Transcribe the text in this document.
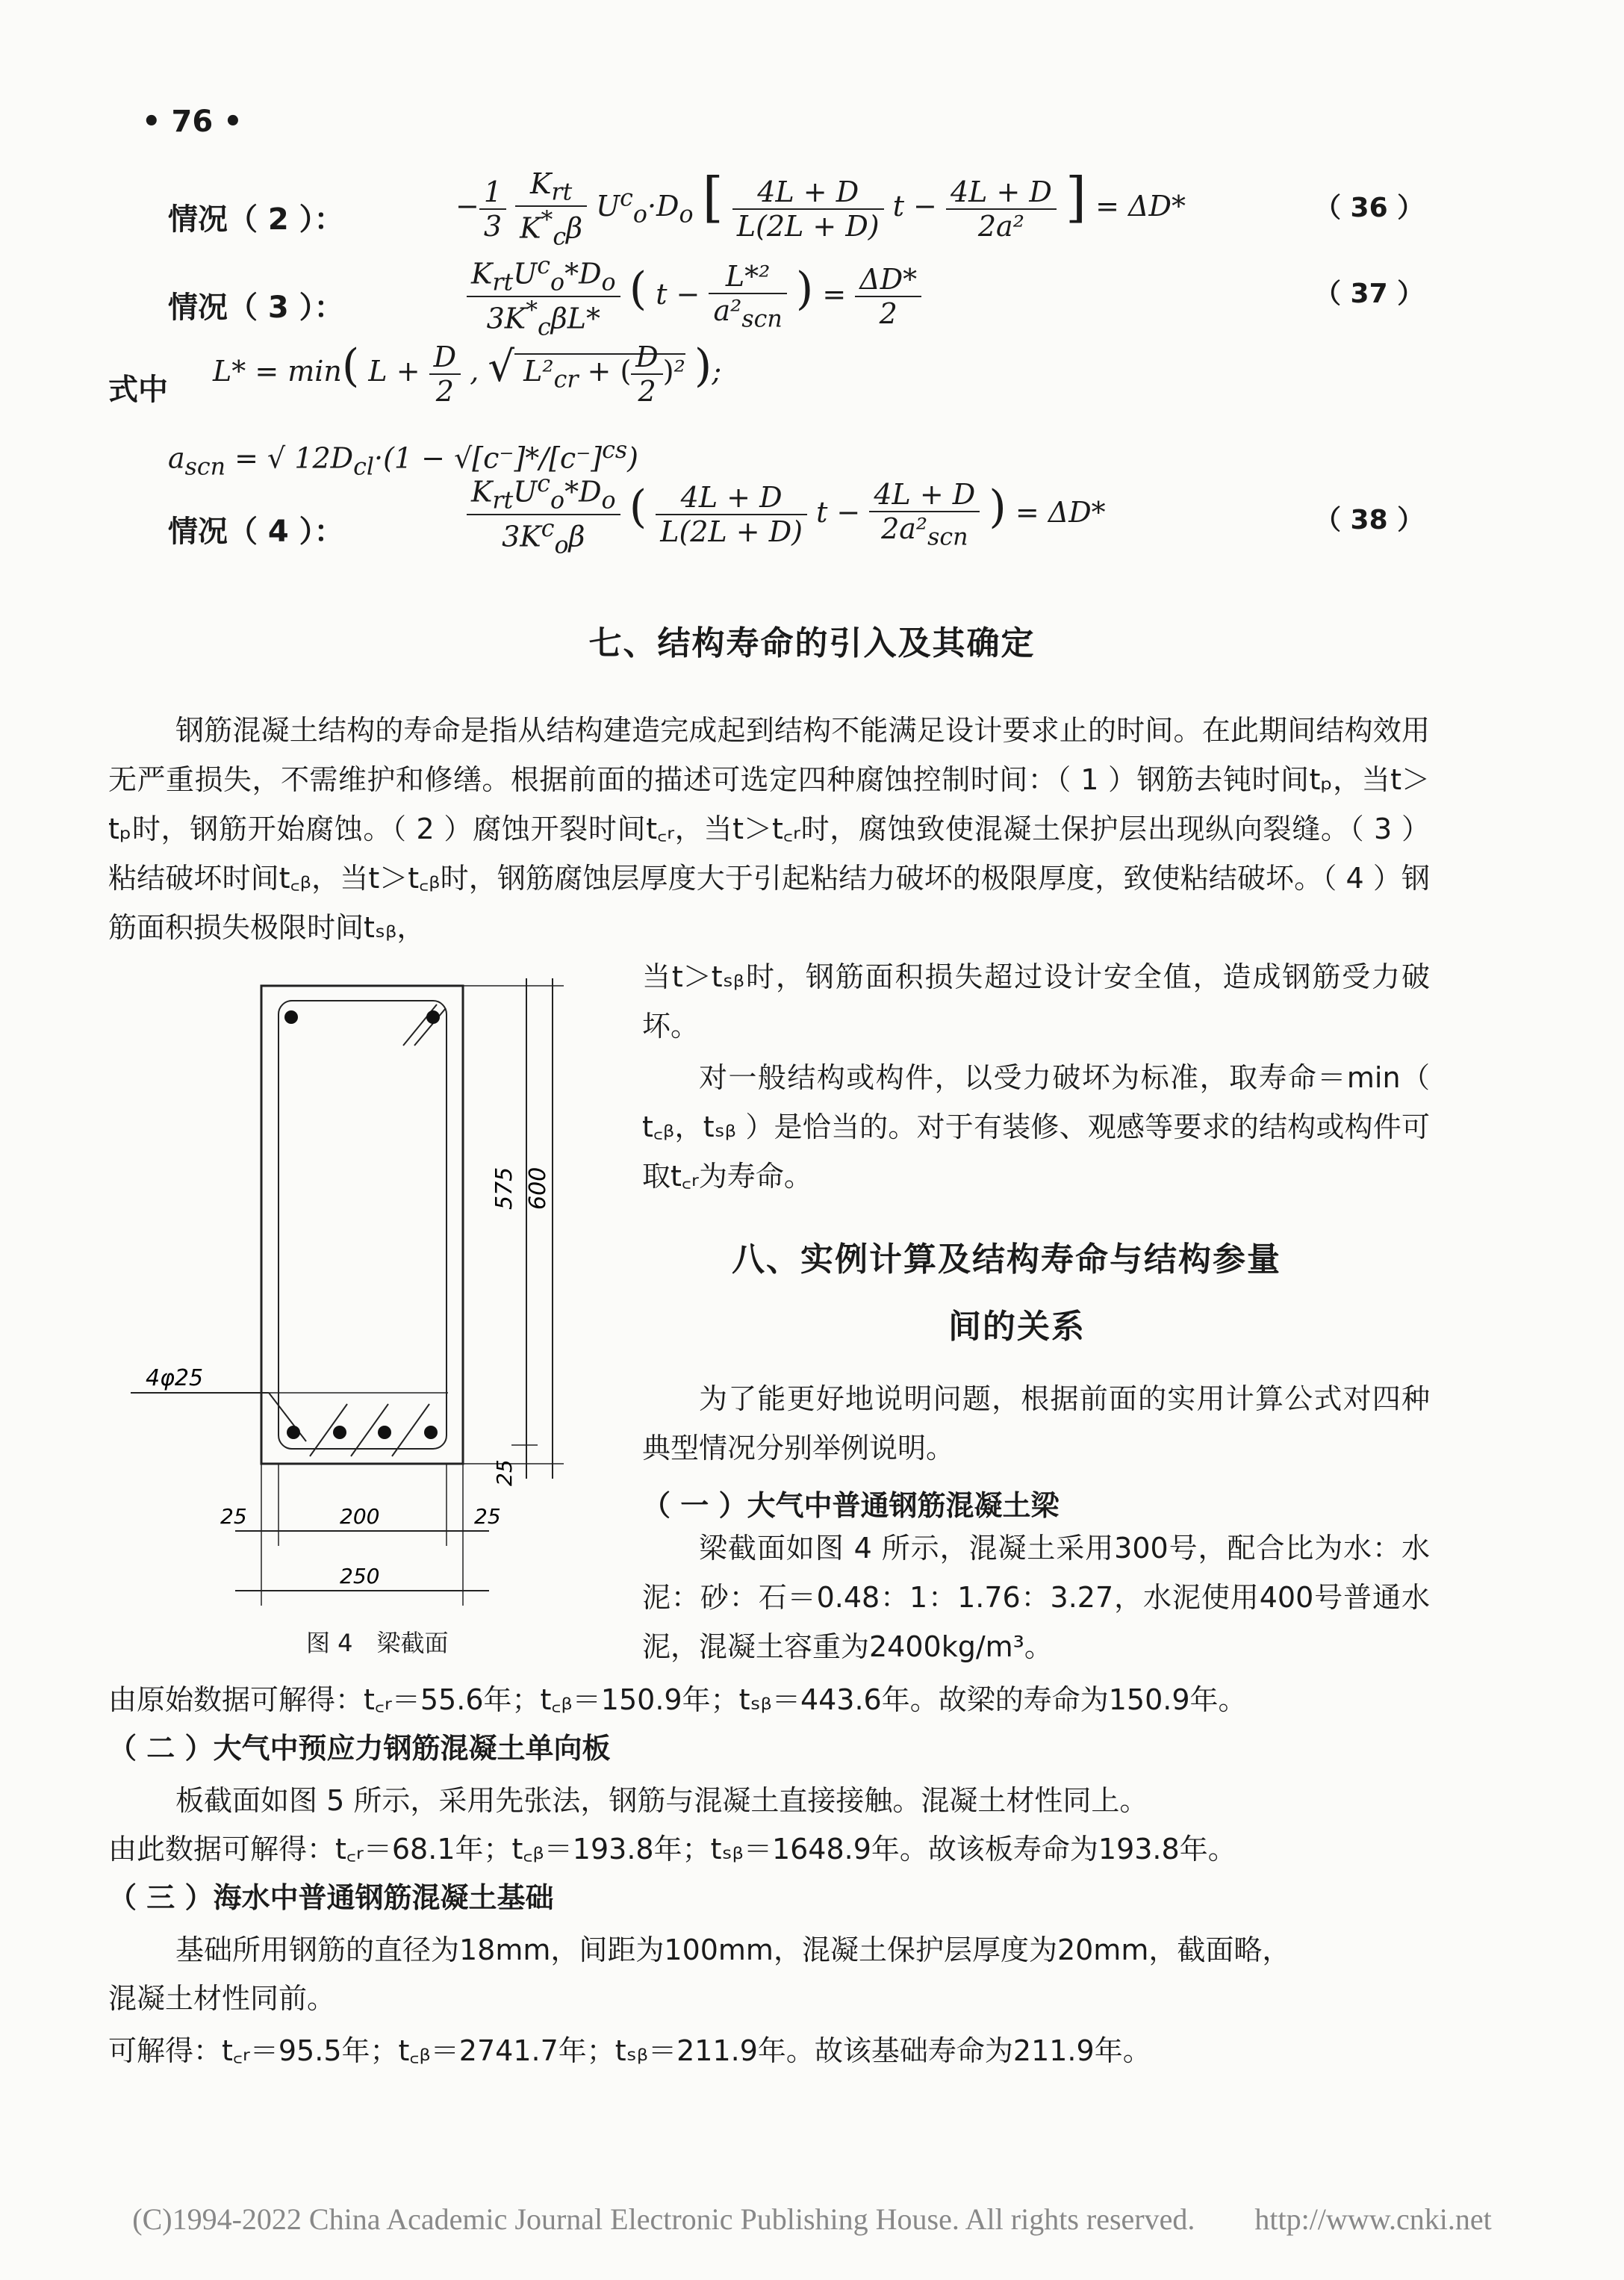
• 76 •
情况（ 2 ）：	− $\frac{1}{3}$
$\frac{K_{rt}}{K^*_c\beta} U^c_o\cdot D_o$ [ $\frac{4L + D}{L(2L + D)}$ $t - \frac{4L + D}{\text{2a²}}$ ] = ΔD*	（ 36 ）
情况（ 3 ）：	$\frac{K_{rt}U^c_o*D_o}{3K^*_c\beta L*}$ ( $t - \frac{\text{L*²}}{a^2_{scn}}$ ) = $\frac{\Delta D*}{2}$	（ 37 ）
式中
L* = min( $L + \frac{D}{2}$ , √ $L^2_{cr}$ + ( $\frac{D}{2} )^2$ );
$a_{scn}$ = √ $12D_{cl}\cdot(1 - √[c^-]*/[c^-]^{cs})$
情况（ 4 ）：	$\frac{K_{rt}U^c_o*D_o}{3K^c_o\beta}$ ( $\frac{4L + D}{L(2L + D)}$ $t - \frac{4L + D}{2a^2_{scn}}$ ) = ΔD*	（ 38 ）
七、结构寿命的引入及其确定
钢筋混凝土结构的寿命是指从结构建造完成起到结构不能满足设计要求止的时间。在此期间结构效用无严重损失，不需维护和修缮。根据前面的描述可选定四种腐蚀控制时间：（ 1 ）钢筋去钝时间tₚ，当t＞tₚ时，钢筋开始腐蚀。（ 2 ）腐蚀开裂时间t꜀ᵣ，当t＞t꜀ᵣ时，腐蚀致使混凝土保护层出现纵向裂缝。（ 3 ）粘结破坏时间t꜀ᵦ，当t＞t꜀ᵦ时，钢筋腐蚀层厚度大于引起粘结力破坏的极限厚度，致使粘结破坏。（ 4 ）钢筋面积损失极限时间tₛᵦ，
当t＞tₛᵦ时，钢筋面积损失超过设计安全值，造成钢筋受力破坏。
对一般结构或构件，以受力破坏为标准，取寿命＝min（ t꜀ᵦ，tₛᵦ ）是恰当的。对于有装修、观感等要求的结构或构件可取t꜀ᵣ为寿命。
575 600
25
25	200	25
250
4φ25
图 4　梁截面
八、实例计算及结构寿命与结构参量
间的关系
为了能更好地说明问题，根据前面的实用计算公式对四种典型情况分别举例说明。
（ 一 ）大气中普通钢筋混凝土梁
梁截面如图 4 所示，混凝土采用300号，配合比为水：水泥：砂：石＝0.48：1：1.76：3.27，水泥使用400号普通水泥，混凝土容重为2400kg/m³。
由原始数据可解得：t꜀ᵣ＝55.6年；t꜀ᵦ＝150.9年；tₛᵦ＝443.6年。故梁的寿命为150.9年。
（ 二 ）大气中预应力钢筋混凝土单向板
板截面如图 5 所示，采用先张法，钢筋与混凝土直接接触。混凝土材性同上。
由此数据可解得：t꜀ᵣ＝68.1年；t꜀ᵦ＝193.8年；tₛᵦ＝1648.9年。故该板寿命为193.8年。
（ 三 ）海水中普通钢筋混凝土基础
基础所用钢筋的直径为18mm，间距为100mm，混凝土保护层厚度为20mm，截面略，
混凝土材性同前。
可解得：t꜀ᵣ＝95.5年；t꜀ᵦ＝2741.7年；tₛᵦ＝211.9年。故该基础寿命为211.9年。
(C)1994-2022 China Academic Journal Electronic Publishing House. All rights reserved.　　http://www.cnki.net
